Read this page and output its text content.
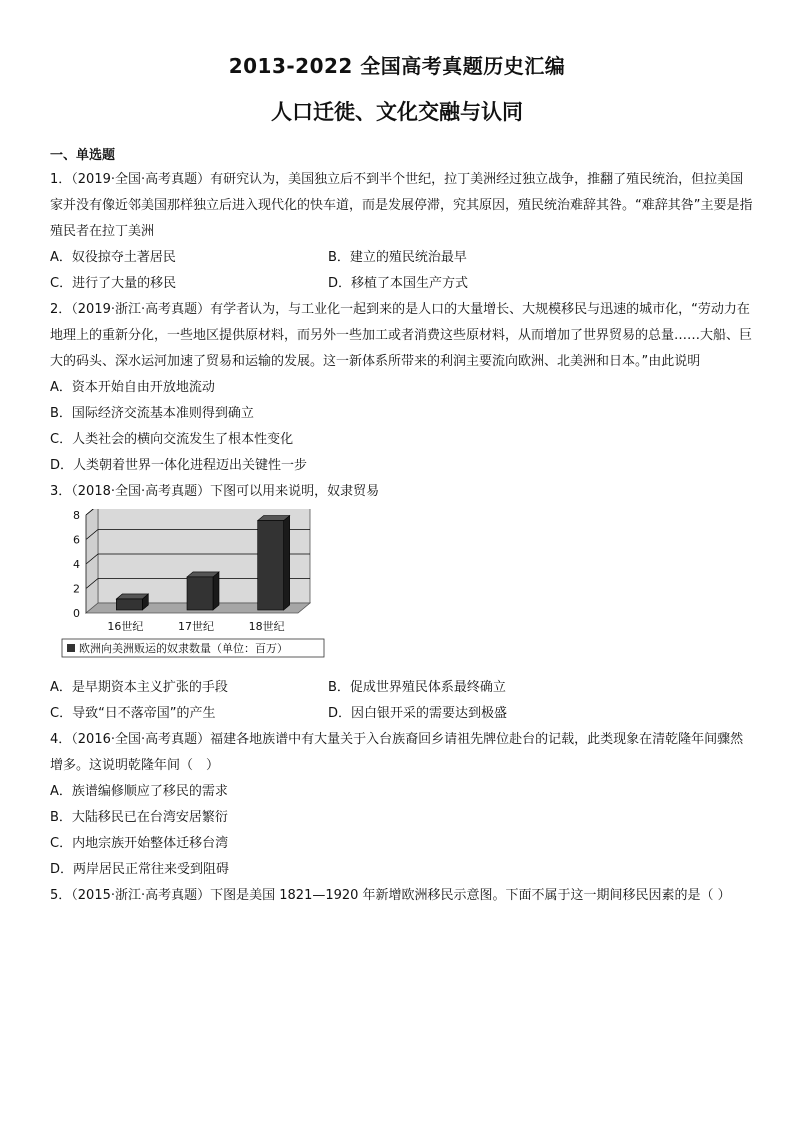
2013-2022 全国高考真题历史汇编
人口迁徙、文化交融与认同
一、单选题

1．（2019·全国·高考真题）有研究认为，美国独立后不到半个世纪，拉丁美洲经过独立战争，推翻了殖民统治，但拉美国家并没有像近邻美国那样独立后进入现代化的快车道，而是发展停滞，究其原因，殖民统治难辞其咎。“难辞其咎”主要是指殖民者在拉丁美洲

A．奴役掠夺土著居民	B．建立的殖民统治最早
C．进行了大量的移民	D．移植了本国生产方式

2．（2019·浙江·高考真题）有学者认为，与工业化一起到来的是人口的大量增长、大规模移民与迅速的城市化，“劳动力在地理上的重新分化，一些地区提供原材料，而另外一些加工或者消费这些原材料，从而增加了世界贸易的总量……大船、巨大的码头、深水运河加速了贸易和运输的发展。这一新体系所带来的利润主要流向欧洲、北美洲和日本。”由此说明

A．资本开始自由开放地流动
B．国际经济交流基本准则得到确立
C．人类社会的横向交流发生了根本性变化
D．人类朝着世界一体化进程迈出关键性一步

3．（2018·全国·高考真题）下图可以用来说明，奴隶贸易

0
2
4
6
8
16世纪	17世纪	18世纪
欧洲向美洲贩运的奴隶数量（单位：百万）
A．是早期资本主义扩张的手段	B．促成世界殖民体系最终确立
C．导致“日不落帝国”的产生	D．因白银开采的需要达到极盛

4．（2016·全国·高考真题）福建各地族谱中有大量关于入台族裔回乡请祖先牌位赴台的记载，此类现象在清乾隆年间骤然增多。这说明乾隆年间（　）

A．族谱编修顺应了移民的需求
B．大陆移民已在台湾安居繁衍
C．内地宗族开始整体迁移台湾
D．两岸居民正常往来受到阻碍

5．（2015·浙江·高考真题）下图是美国 1821—1920 年新增欧洲移民示意图。下面不属于这一期间移民因素的是（ ）
